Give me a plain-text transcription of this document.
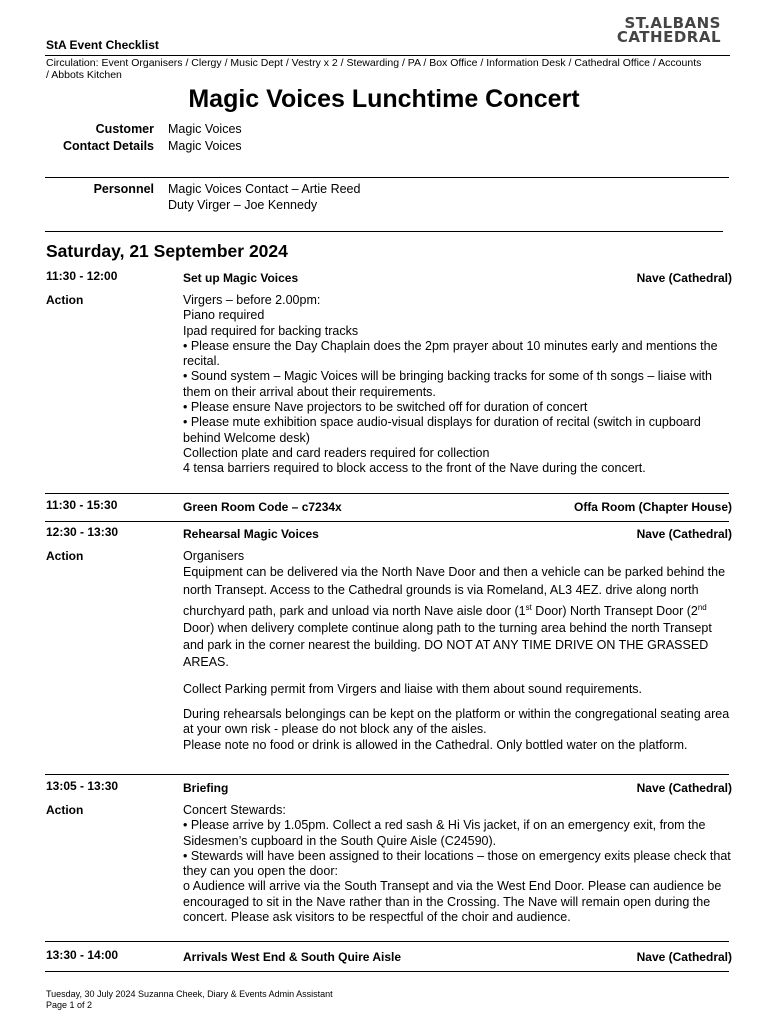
ST.ALBANS
CATHEDRAL
StA Event Checklist
Circulation: Event Organisers / Clergy / Music Dept / Vestry x 2 / Stewarding / PA / Box Office / Information Desk / Cathedral Office / Accounts / Abbots Kitchen
Magic Voices Lunchtime Concert
Customer	Magic Voices
Contact Details	Magic Voices
Personnel	Magic Voices Contact – Artie Reed
Duty Virger – Joe Kennedy
Saturday, 21 September 2024
11:30 - 12:00	Set up Magic Voices	Nave (Cathedral)
Action	Virgers – before 2.00pm:

Piano required

Ipad required for backing tracks

• Please ensure the Day Chaplain does the 2pm prayer about 10 minutes early and mentions the recital.

• Sound system – Magic Voices will be bringing backing tracks for some of th songs – liaise with them on their arrival about their requirements.

• Please ensure Nave projectors to be switched off for duration of concert

• Please mute exhibition space audio-visual displays for duration of recital (switch in cupboard behind Welcome desk)

Collection plate and card readers required for collection

4 tensa barriers required to block access to the front of the Nave during the concert.

11:30 - 15:30	Green Room Code – c7234x	Offa Room (Chapter House)
12:30 - 13:30	Rehearsal Magic Voices	Nave (Cathedral)
Action	Organisers

Equipment can be delivered via the North Nave Door and then a vehicle can be parked behind the north Transept. Access to the Cathedral grounds is via Romeland, AL3 4EZ. drive along north churchyard path, park and unload via north Nave aisle door (1st Door) North Transept Door (2nd Door) when delivery complete continue along path to the turning area behind the north Transept and park in the corner nearest the building. DO NOT AT ANY TIME DRIVE ON THE GRASSED AREAS.

Collect Parking permit from Virgers and liaise with them about sound requirements.

During rehearsals belongings can be kept on the platform or within the congregational seating area at your own risk - please do not block any of the aisles.

Please note no food or drink is allowed in the Cathedral. Only bottled water on the platform.

13:05 - 13:30	Briefing	Nave (Cathedral)
Action	Concert Stewards:

• Please arrive by 1.05pm. Collect a red sash & Hi Vis jacket, if on an emergency exit, from the Sidesmen’s cupboard in the South Quire Aisle (C24590).

• Stewards will have been assigned to their locations – those on emergency exits please check that they can you open the door:

o Audience will arrive via the South Transept and via the West End Door. Please can audience be encouraged to sit in the Nave rather than in the Crossing. The Nave will remain open during the concert. Please ask visitors to be respectful of the choir and audience.

13:30 - 14:00	Arrivals West End & South Quire Aisle	Nave (Cathedral)
Tuesday, 30 July 2024 Suzanna Cheek, Diary & Events Admin Assistant
Page 1 of 2
